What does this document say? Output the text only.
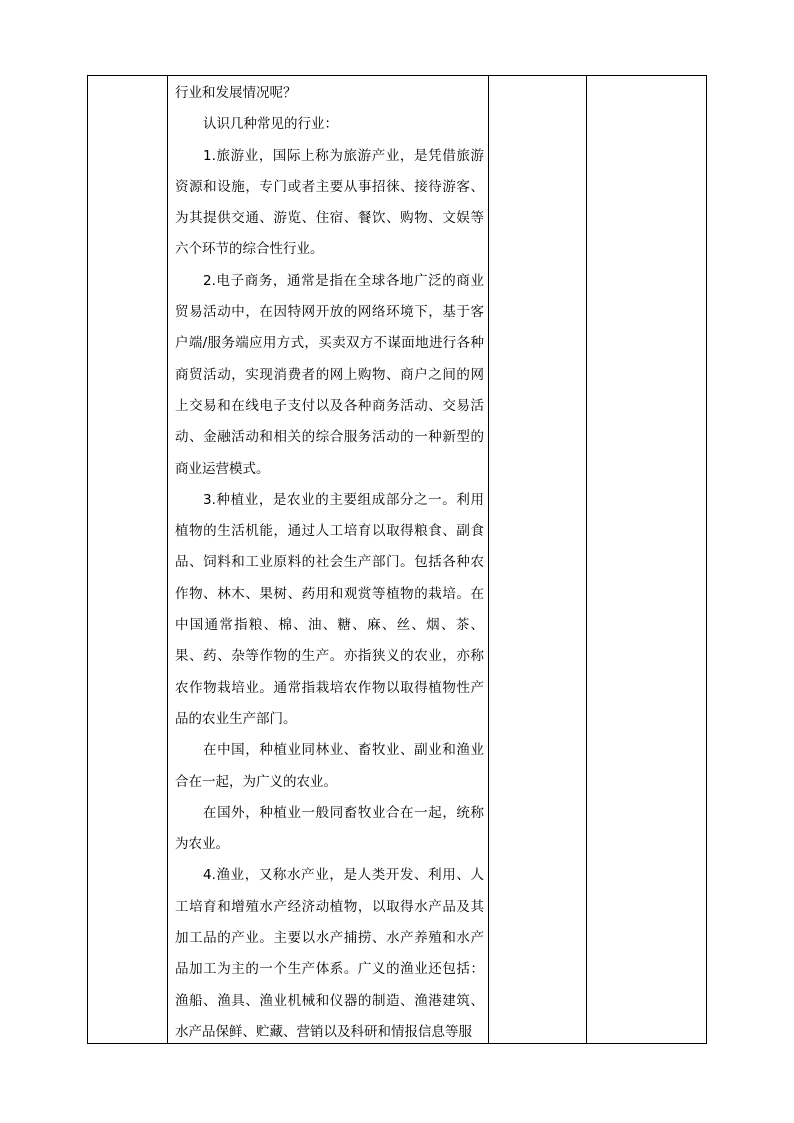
行业和发展情况呢？

认识几种常见的行业：

1.旅游业，国际上称为旅游产业，是凭借旅游资源和设施，专门或者主要从事招徕、接待游客、为其提供交通、游览、住宿、餐饮、购物、文娱等六个环节的综合性行业。

2.电子商务，通常是指在全球各地广泛的商业贸易活动中，在因特网开放的网络环境下，基于客户端/服务端应用方式，买卖双方不谋面地进行各种商贸活动，实现消费者的网上购物、商户之间的网上交易和在线电子支付以及各种商务活动、交易活动、金融活动和相关的综合服务活动的一种新型的商业运营模式。

3.种植业，是农业的主要组成部分之一。利用植物的生活机能，通过人工培育以取得粮食、副食品、饲料和工业原料的社会生产部门。包括各种农作物、林木、果树、药用和观赏等植物的栽培。在中国通常指粮、棉、油、糖、麻、丝、烟、茶、果、药、杂等作物的生产。亦指狭义的农业，亦称农作物栽培业。通常指栽培农作物以取得植物性产品的农业生产部门。

在中国，种植业同林业、畜牧业、副业和渔业合在一起，为广义的农业。

在国外，种植业一般同畜牧业合在一起，统称为农业。

4.渔业，又称水产业，是人类开发、利用、人工培育和增殖水产经济动植物，以取得水产品及其加工品的产业。主要以水产捕捞、水产养殖和水产品加工为主的一个生产体系。广义的渔业还包括：渔船、渔具、渔业机械和仪器的制造、渔港建筑、水产品保鲜、贮藏、营销以及科研和情报信息等服
